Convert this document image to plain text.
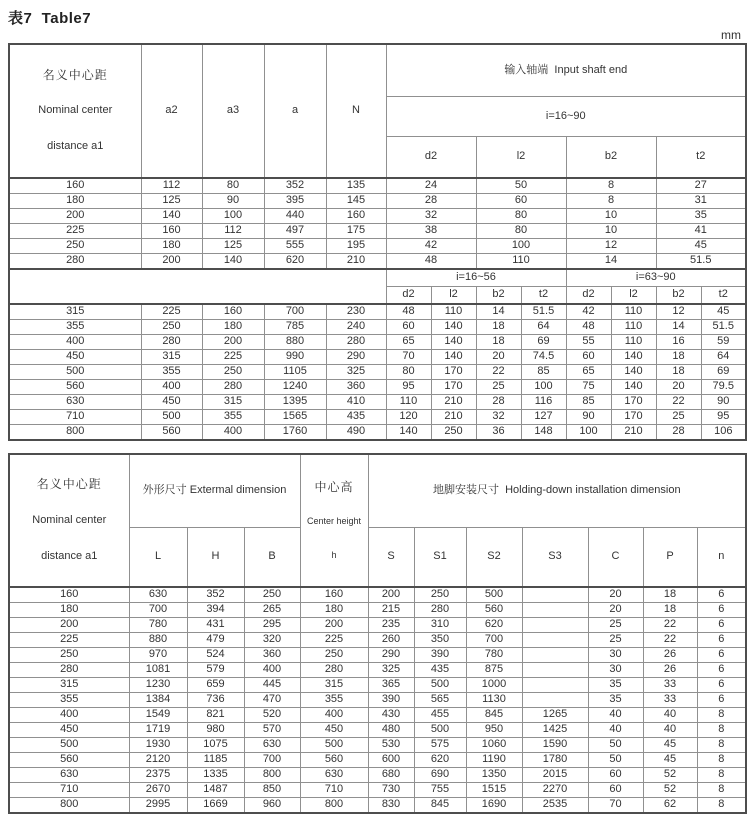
表7  Table7
mm

名义中心距

Nominal center

distance a1	a2	a3	a	N	输入轴端  Input shaft end							
					i=16~90							
					d2		l2		b2		t2	
160	112	80	352	135	24		50		8		27	
180	125	90	395	145	28		60		8		31	
200	140	100	440	160	32		80		10		35	
225	160	112	497	175	38		80		10		41	
250	180	125	555	195	42		100		12		45	
280	200	140	620	210	48		110		14		51.5	
					i=16~56				i=63~90			
					d2	l2	b2	t2	d2	l2	b2	t2
315	225	160	700	230	48	110	14	51.5	42	110	12	45
355	250	180	785	240	60	140	18	64	48	110	14	51.5
400	280	200	880	280	65	140	18	69	55	110	16	59
450	315	225	990	290	70	140	20	74.5	60	140	18	64
500	355	250	1105	325	80	170	22	85	65	140	18	69
560	400	280	1240	360	95	170	25	100	75	140	20	79.5
630	450	315	1395	410	110	210	28	116	85	170	22	90
710	500	355	1565	435	120	210	32	127	90	170	25	95
800	560	400	1760	490	140	250	36	148	100	210	28	106

名义中心距

Nominal center

distance a1

	外形尺寸 Extermal dimension	中心高

Center height

h

	地脚安装尺寸  Holding-down installation dimension
	L	H	B		S	S1	S2	S3	C	P	n
160	630	352	250	160	200	250	500		20	18	6
180	700	394	265	180	215	280	560		20	18	6
200	780	431	295	200	235	310	620		25	22	6
225	880	479	320	225	260	350	700		25	22	6
250	970	524	360	250	290	390	780		30	26	6
280	1081	579	400	280	325	435	875		30	26	6
315	1230	659	445	315	365	500	1000		35	33	6
355	1384	736	470	355	390	565	1130		35	33	6
400	1549	821	520	400	430	455	845	1265	40	40	8
450	1719	980	570	450	480	500	950	1425	40	40	8
500	1930	1075	630	500	530	575	1060	1590	50	45	8
560	2120	1185	700	560	600	620	1190	1780	50	45	8
630	2375	1335	800	630	680	690	1350	2015	60	52	8
710	2670	1487	850	710	730	755	1515	2270	60	52	8
800	2995	1669	960	800	830	845	1690	2535	70	62	8
